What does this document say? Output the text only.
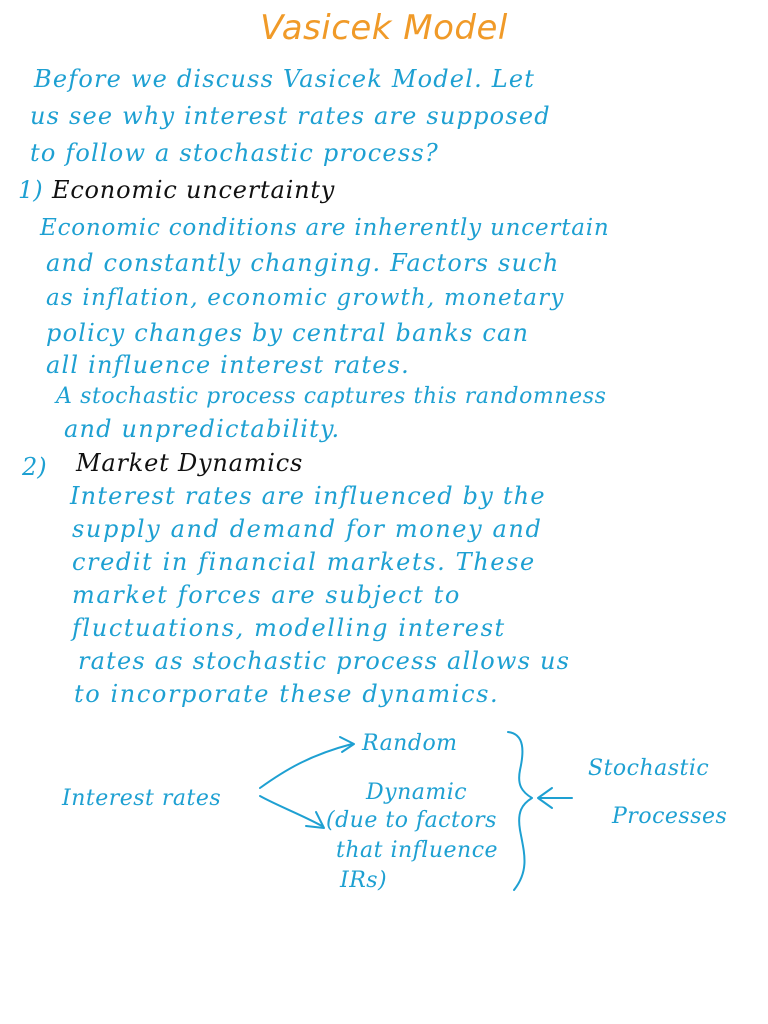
Vasicek Model
Before we discuss Vasicek Model. Let
us see why interest rates are supposed
to follow a stochastic process?
1) Economic uncertainty
Economic conditions are inherently uncertain
and constantly changing. Factors such
as inflation, economic growth, monetary
policy changes by central banks can
all influence interest rates.
A stochastic process captures this randomness
and unpredictability.
2) Market Dynamics
Interest rates are influenced by the
supply and demand for money and
credit in financial markets. These
market forces are subject to
fluctuations, modelling interest
rates as stochastic process allows us
to incorporate these dynamics.
Interest rates
Random
Dynamic
(due to factors
that influence
IRs)
Stochastic
Processes
